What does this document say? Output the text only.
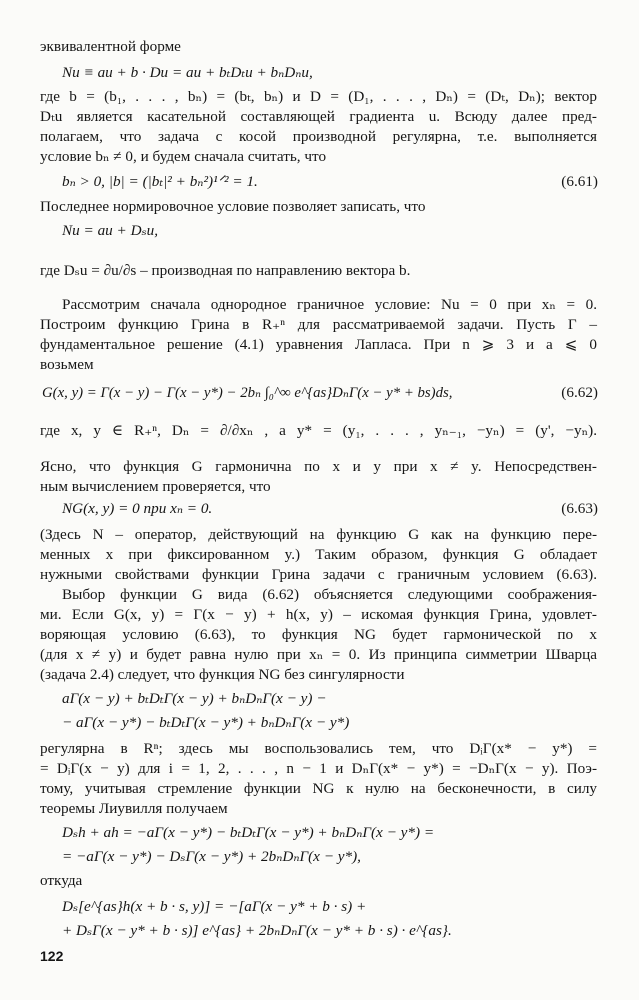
эквивалентной форме
Nu ≡ au + b · Du = au + bₜDₜu + bₙDₙu,
где b = (b₁, . . . , bₙ) = (bₜ, bₙ) и D = (D₁, . . . , Dₙ) = (Dₜ, Dₙ); вектор
Dₜu является касательной составляющей градиента u. Всюду далее пред-
полагаем, что задача с косой производной регулярна, т.е. выполняется
условие bₙ ≠ 0, и будем сначала считать, что
bₙ > 0, |b| = (|bₜ|² + bₙ²)¹ᐟ² = 1.	(6.61)
Последнее нормировочное условие позволяет записать, что
Nu = au + Dₛu,
где Dₛu = ∂u/∂s – производная по направлению вектора b.
Рассмотрим сначала однородное граничное условие: Nu = 0 при xₙ = 0.
Построим функцию Грина в R₊ⁿ для рассматриваемой задачи. Пусть Γ –
фундаментальное решение (4.1) уравнения Лапласа. При n ⩾ 3 и a ⩽ 0
возьмем
G(x, y) = Γ(x − y) − Γ(x − y*) − 2bₙ ∫₀^∞ e^{as}DₙΓ(x − y* + bs)ds,	(6.62)
где x, y ∈ R₊ⁿ, Dₙ = ∂/∂xₙ , а y* = (y₁, . . . , yₙ₋₁, −yₙ) = (y', −yₙ).
Ясно, что функция G гармонична по x и y при x ≠ y. Непосредствен-
ным вычислением проверяется, что
NG(x, y) = 0 при xₙ = 0.	(6.63)
(Здесь N – оператор, действующий на функцию G как на функцию пере-
менных x при фиксированном y.) Таким образом, функция G обладает
нужными свойствами функции Грина задачи с граничным условием (6.63).
Выбор функции G вида (6.62) объясняется следующими соображения-
ми. Если G(x, y) = Γ(x − y) + h(x, y) – искомая функция Грина, удовлет-
воряющая условию (6.63), то функция NG будет гармонической по x
(для x ≠ y) и будет равна нулю при xₙ = 0. Из принципа симметрии Шварца
(задача 2.4) следует, что функция NG без сингулярности
aΓ(x − y) + bₜDₜΓ(x − y) + bₙDₙΓ(x − y) −
− aΓ(x − y*) − bₜDₜΓ(x − y*) + bₙDₙΓ(x − y*)
регулярна в Rⁿ; здесь мы воспользовались тем, что DᵢΓ(x* − y*) =
= DᵢΓ(x − y) для i = 1, 2, . . . , n − 1 и DₙΓ(x* − y*) = −DₙΓ(x − y). Поэ-
тому, учитывая стремление функции NG к нулю на бесконечности, в силу
теоремы Лиувилля получаем
Dₛh + ah = −aΓ(x − y*) − bₜDₜΓ(x − y*) + bₙDₙΓ(x − y*) =
= −aΓ(x − y*) − DₛΓ(x − y*) + 2bₙDₙΓ(x − y*),
откуда
Dₛ[e^{as}h(x + b · s, y)] = −[aΓ(x − y* + b · s) +
+ DₛΓ(x − y* + b · s)] e^{as} + 2bₙDₙΓ(x − y* + b · s) · e^{as}.
122
